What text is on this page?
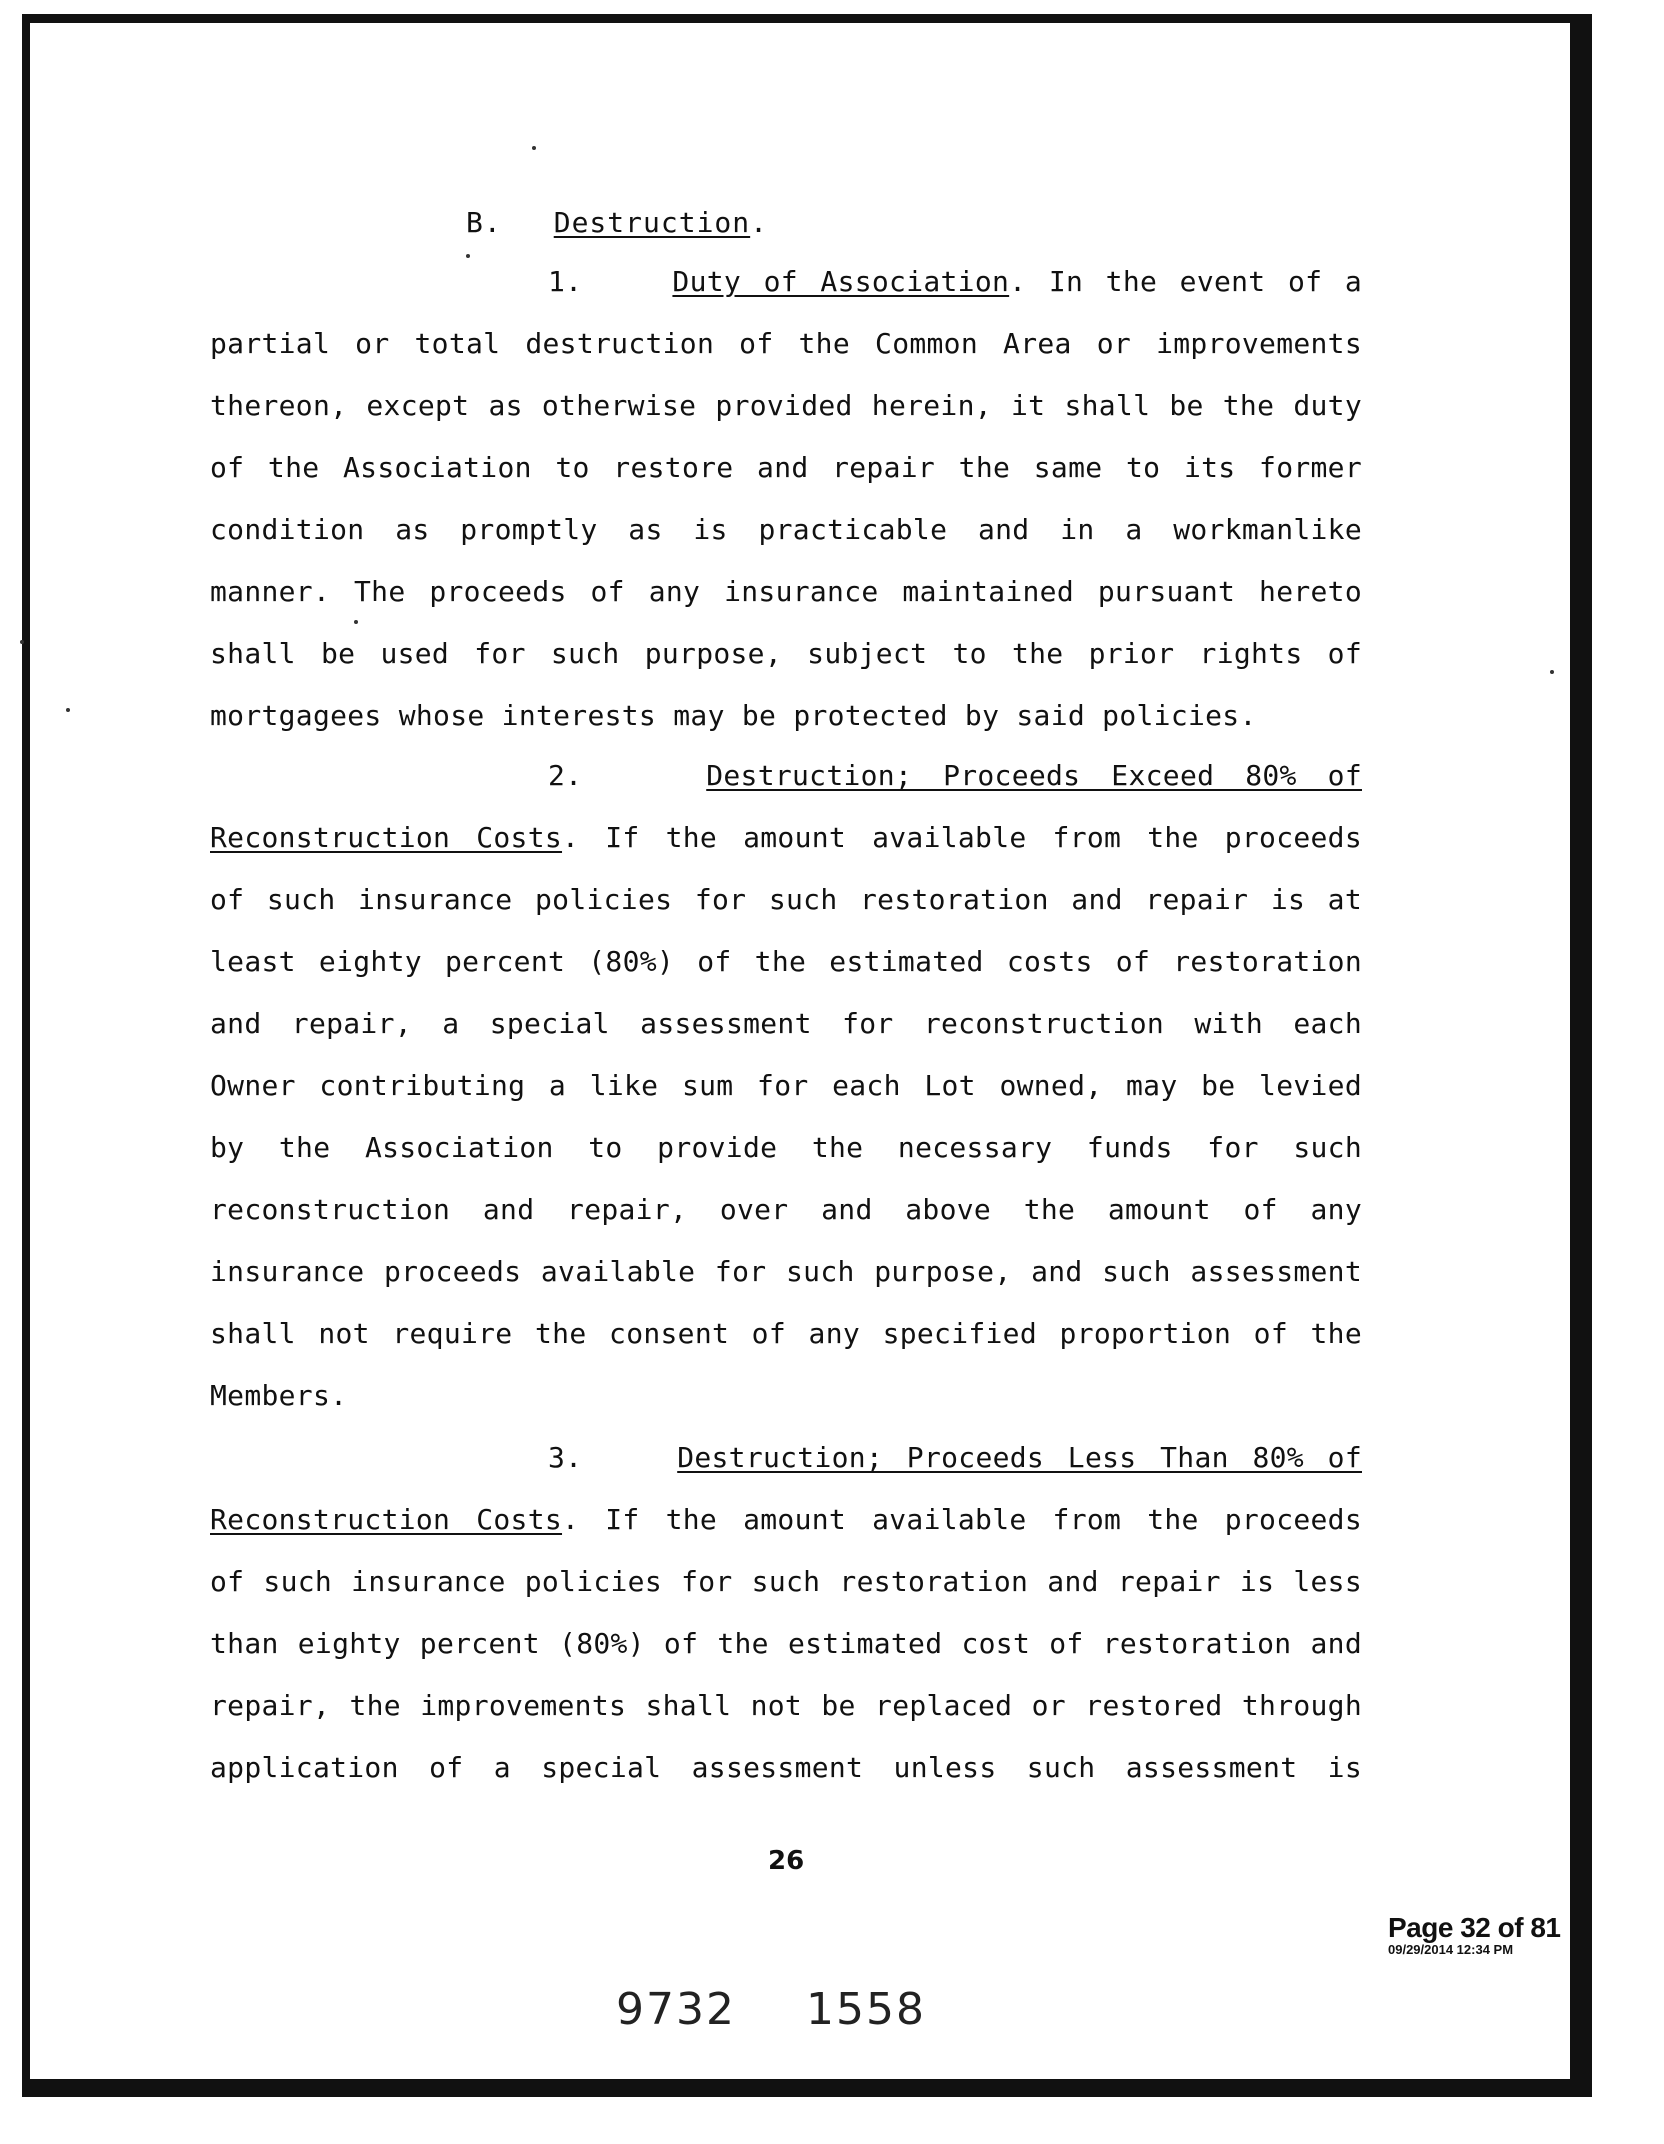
B. Destruction.
1.	Duty of Association. In the event of a
partial or total destruction of the Common Area or improvements
thereon, except as otherwise provided herein, it shall be the duty
of the Association to restore and repair the same to its former
condition as promptly as is practicable and in a workmanlike
manner. The proceeds of any insurance maintained pursuant hereto
shall be used for such purpose, subject to the prior rights of
mortgagees whose interests may be protected by said policies.
2.	Destruction; Proceeds Exceed 80% of
Reconstruction Costs. If the amount available from the proceeds
of such insurance policies for such restoration and repair is at
least eighty percent (80%) of the estimated costs of restoration
and repair, a special assessment for reconstruction with each
Owner contributing a like sum for each Lot owned, may be levied
by the Association to provide the necessary funds for such
reconstruction and repair, over and above the amount of any
insurance proceeds available for such purpose, and such assessment
shall not require the consent of any specified proportion of the
Members.
3.	Destruction; Proceeds Less Than 80% of
Reconstruction Costs. If the amount available from the proceeds
of such insurance policies for such restoration and repair is less
than eighty percent (80%) of the estimated cost of restoration and
repair, the improvements shall not be replaced or restored through
application of a special assessment unless such assessment is
26
Page 32 of 81
09/29/2014 12:34 PM
9732 1558
